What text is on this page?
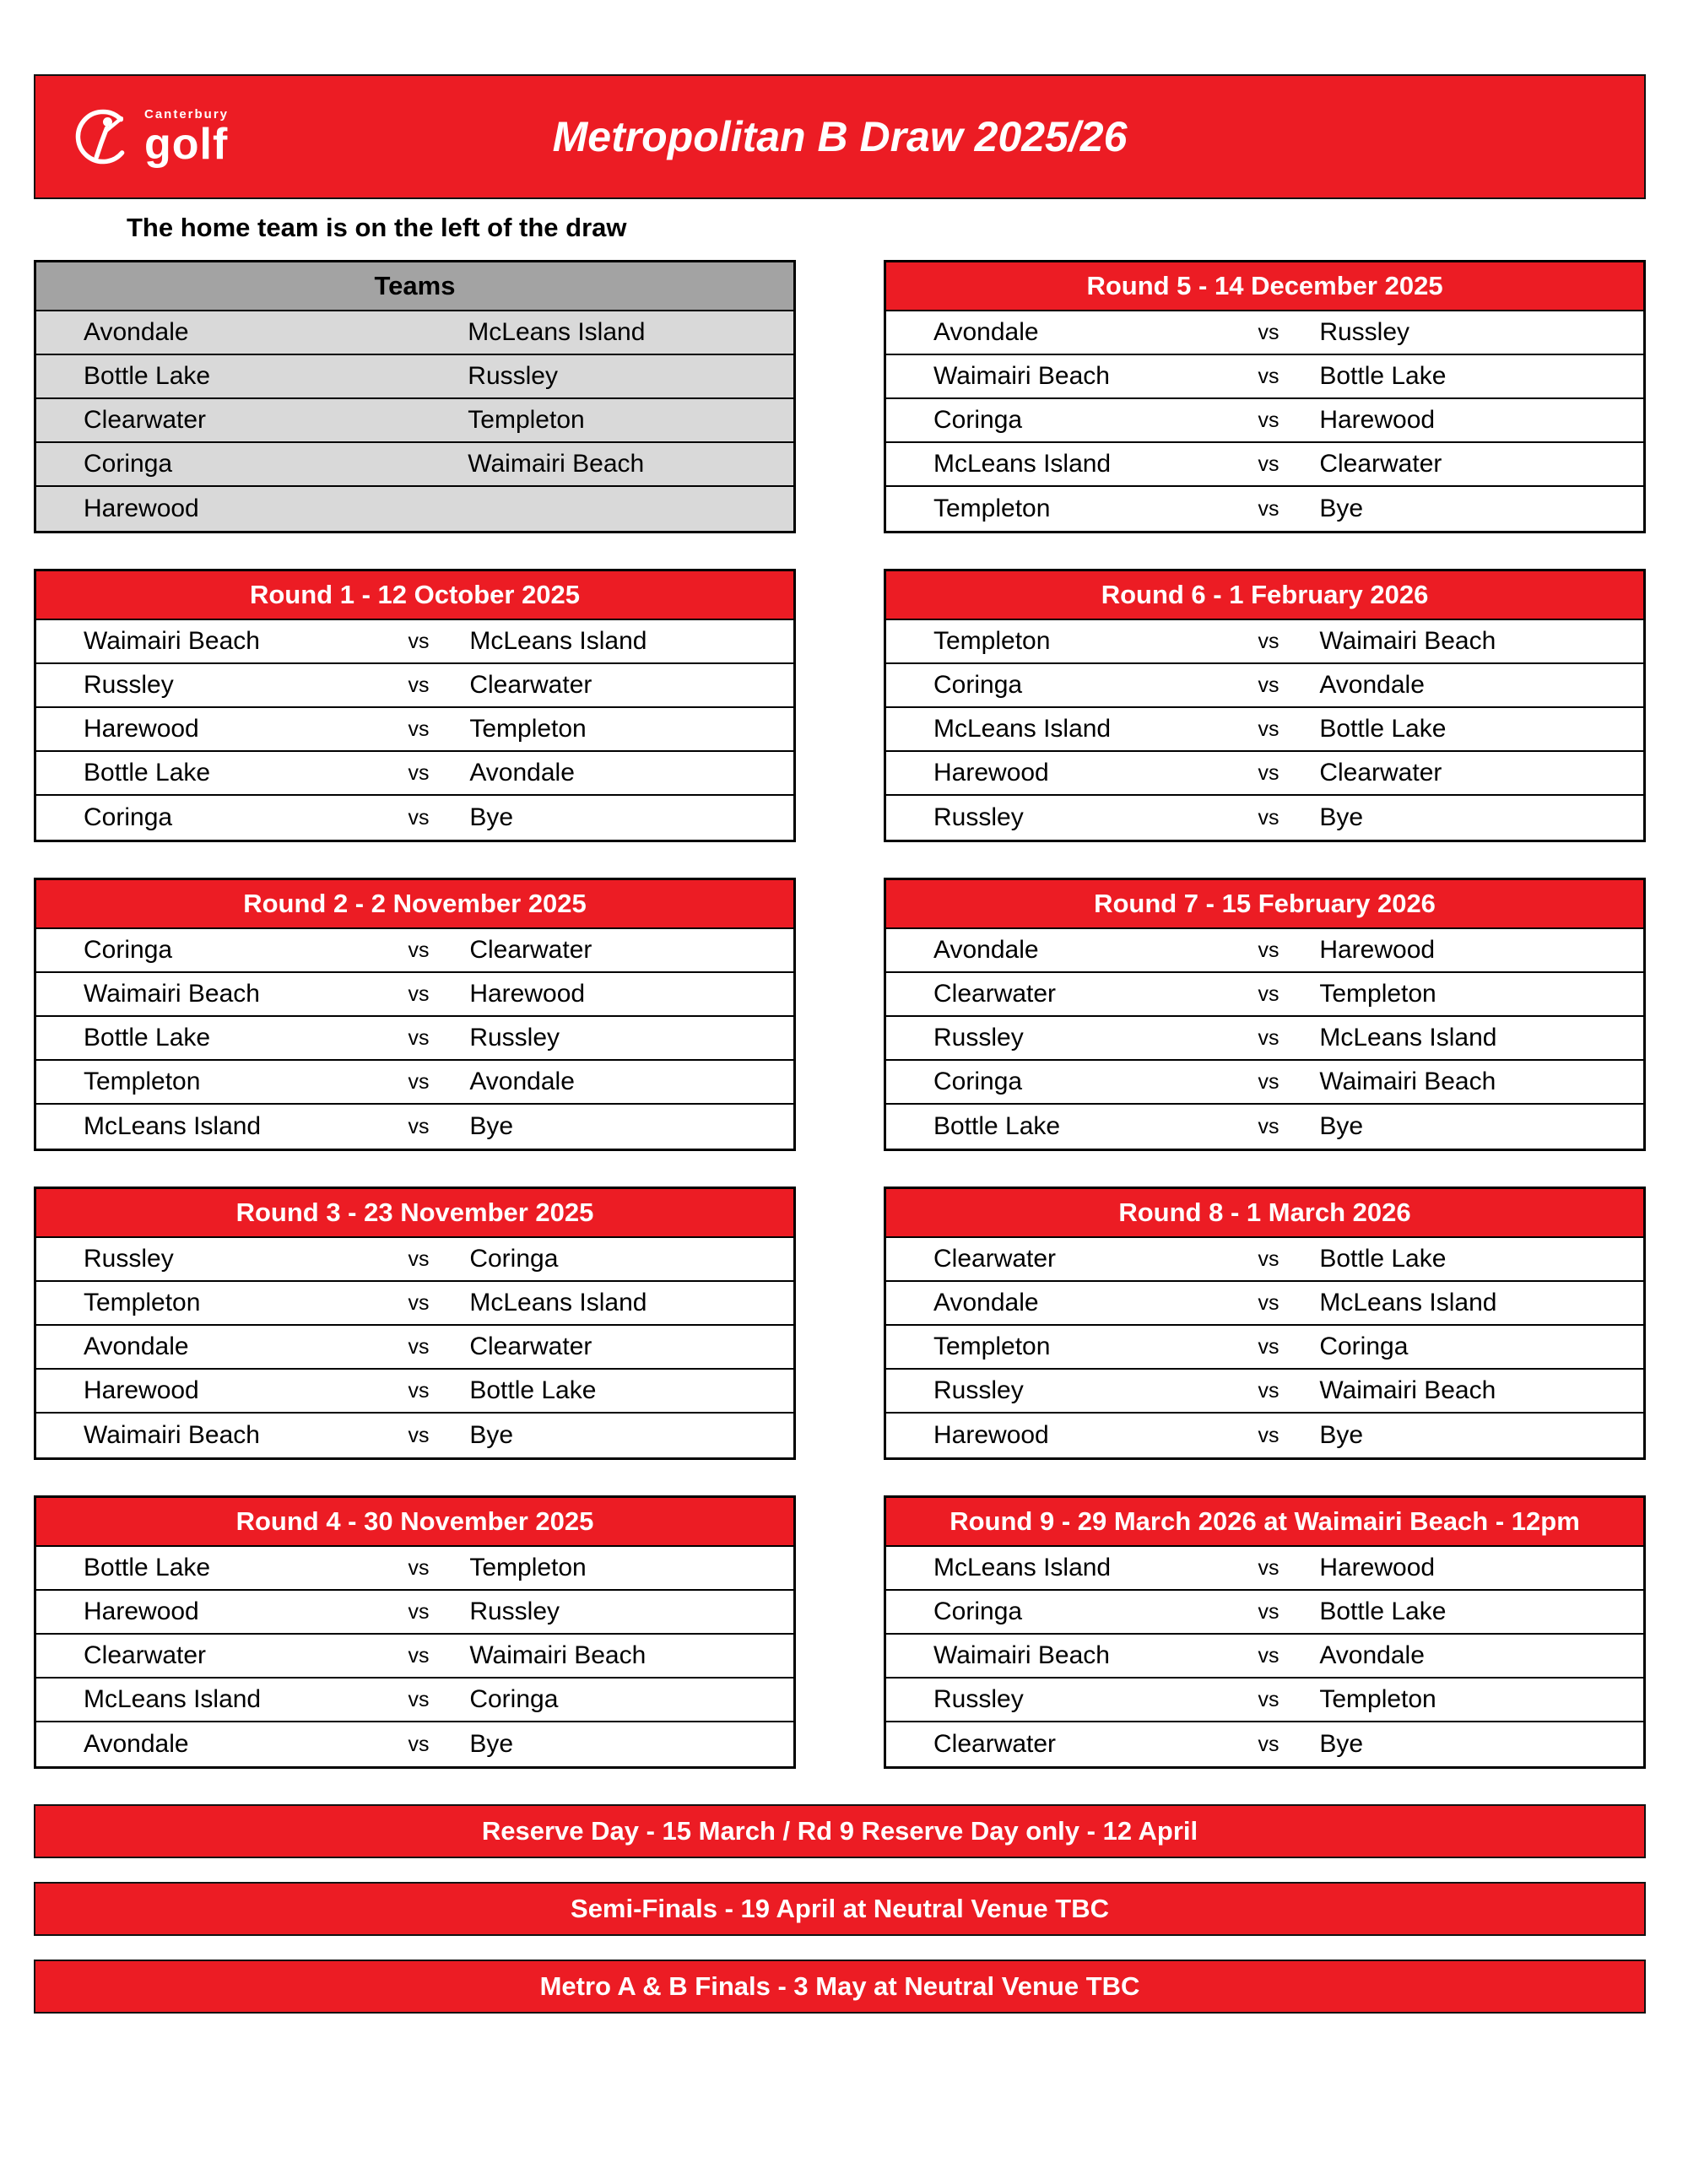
Canterbury
golf	Metropolitan B Draw 2025/26
The home team is on the left of the draw
Teams
Avondale	McLeans Island
Bottle Lake	Russley
Clearwater	Templeton
Coringa	Waimairi Beach
Harewood
Round 1 - 12 October 2025
Waimairi Beach	vs	McLeans Island
Russley	vs	Clearwater
Harewood	vs	Templeton
Bottle Lake	vs	Avondale
Coringa	vs	Bye
Round 2 - 2 November 2025
Coringa	vs	Clearwater
Waimairi Beach	vs	Harewood
Bottle Lake	vs	Russley
Templeton	vs	Avondale
McLeans Island	vs	Bye
Round 3 - 23 November 2025
Russley	vs	Coringa
Templeton	vs	McLeans Island
Avondale	vs	Clearwater
Harewood	vs	Bottle Lake
Waimairi Beach	vs	Bye
Round 4 - 30 November 2025
Bottle Lake	vs	Templeton
Harewood	vs	Russley
Clearwater	vs	Waimairi Beach
McLeans Island	vs	Coringa
Avondale	vs	Bye
Round 5 - 14 December 2025
Avondale	vs	Russley
Waimairi Beach	vs	Bottle Lake
Coringa	vs	Harewood
McLeans Island	vs	Clearwater
Templeton	vs	Bye
Round 6 - 1 February 2026
Templeton	vs	Waimairi Beach
Coringa	vs	Avondale
McLeans Island	vs	Bottle Lake
Harewood	vs	Clearwater
Russley	vs	Bye
Round 7 - 15 February 2026
Avondale	vs	Harewood
Clearwater	vs	Templeton
Russley	vs	McLeans Island
Coringa	vs	Waimairi Beach
Bottle Lake	vs	Bye
Round 8 - 1 March 2026
Clearwater	vs	Bottle Lake
Avondale	vs	McLeans Island
Templeton	vs	Coringa
Russley	vs	Waimairi Beach
Harewood	vs	Bye
Round 9 - 29 March 2026 at Waimairi Beach - 12pm
McLeans Island	vs	Harewood
Coringa	vs	Bottle Lake
Waimairi Beach	vs	Avondale
Russley	vs	Templeton
Clearwater	vs	Bye
Reserve Day - 15 March / Rd 9 Reserve Day only - 12 April
Semi-Finals - 19 April at Neutral Venue TBC
Metro A & B Finals - 3 May at Neutral Venue TBC
